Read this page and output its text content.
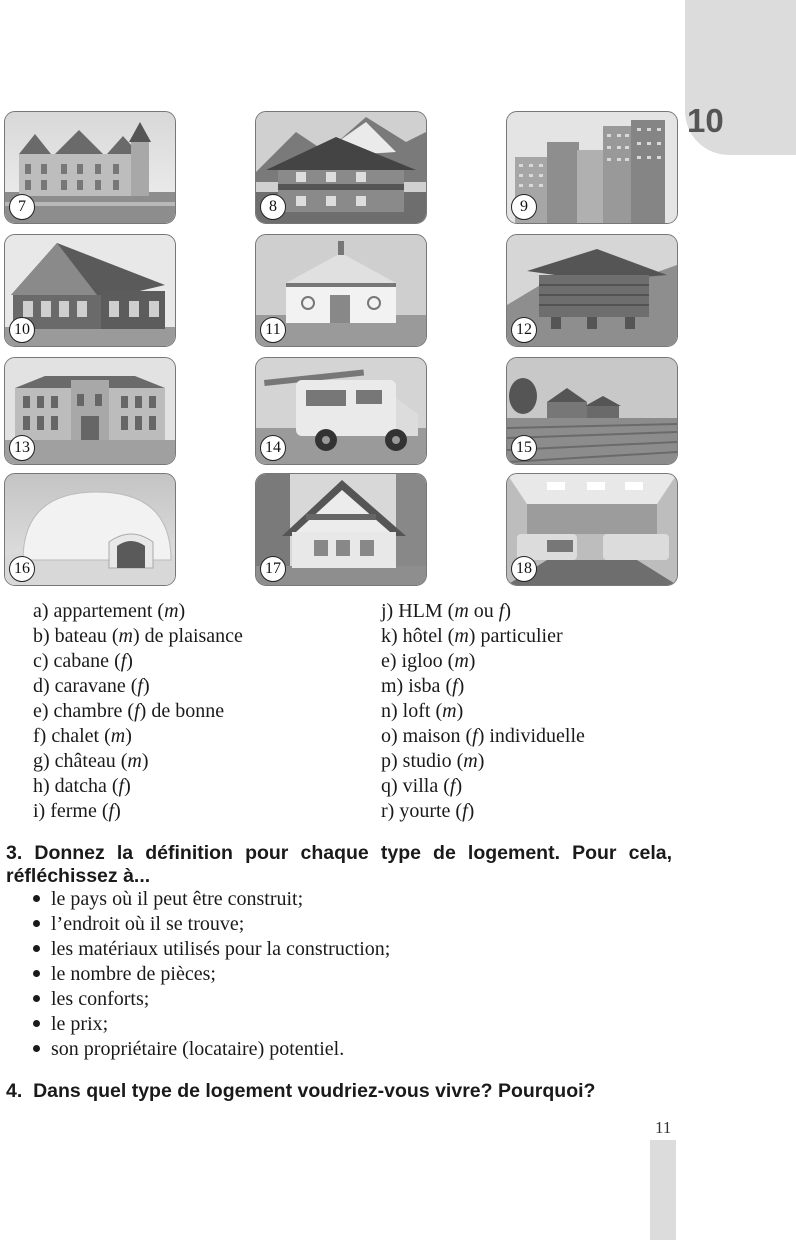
10
7	8	9
10	11	12
13	14	15
16	17	18
a) appartement (m)
b) bateau (m) de plaisance
c) cabane (f)
d) caravane (f)
e) chambre (f) de bonne
f) chalet (m)
g) château (m)
h) datcha (f)
i) ferme (f)
j) HLM (m ou f)
k) hôtel (m) particulier
e) igloo (m)
m) isba (f)
n) loft (m)
o) maison (f) individuelle
p) studio (m)
q) villa (f)
r) yourte (f)
3. Donnez la définition pour chaque type de logement. Pour cela,
réfléchissez à...
le pays où il peut être construit;
l’endroit où il se trouve;
les matériaux utilisés pour la construction;
le nombre de pièces;
les conforts;
le prix;
son propriétaire (locataire) potentiel.
4.  Dans quel type de logement voudriez-vous vivre? Pourquoi?
11
